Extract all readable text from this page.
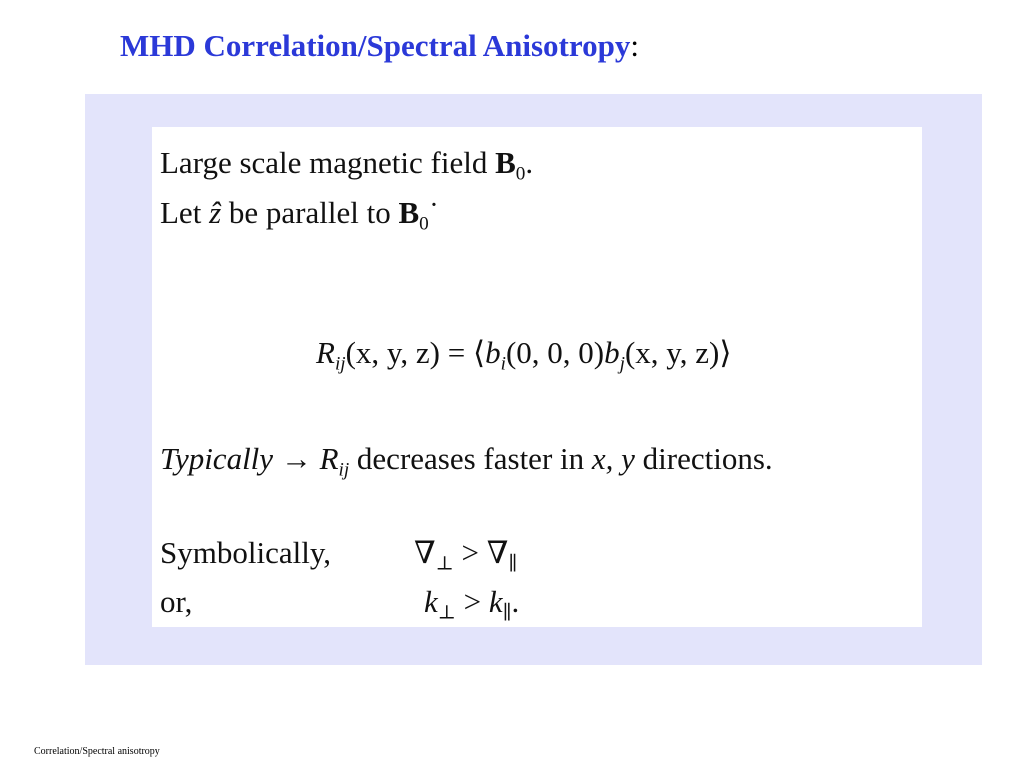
MHD Correlation/Spectral Anisotropy:
Large scale magnetic field $B_0$.
Let ẑ be parallel to $B_0˙$
$R_{ij}(x$, y, $z) = ⟨b_i(0$, 0, $0)b_j(x$, y, z)⟩
Typically → $R_{ij}$ decreases faster in x, y directions.
Symbolically,	$\nabla_\perp > \nabla_\parallel$
or,	$k_\perp > k_\parallel$.
Correlation/Spectral anisotropy
